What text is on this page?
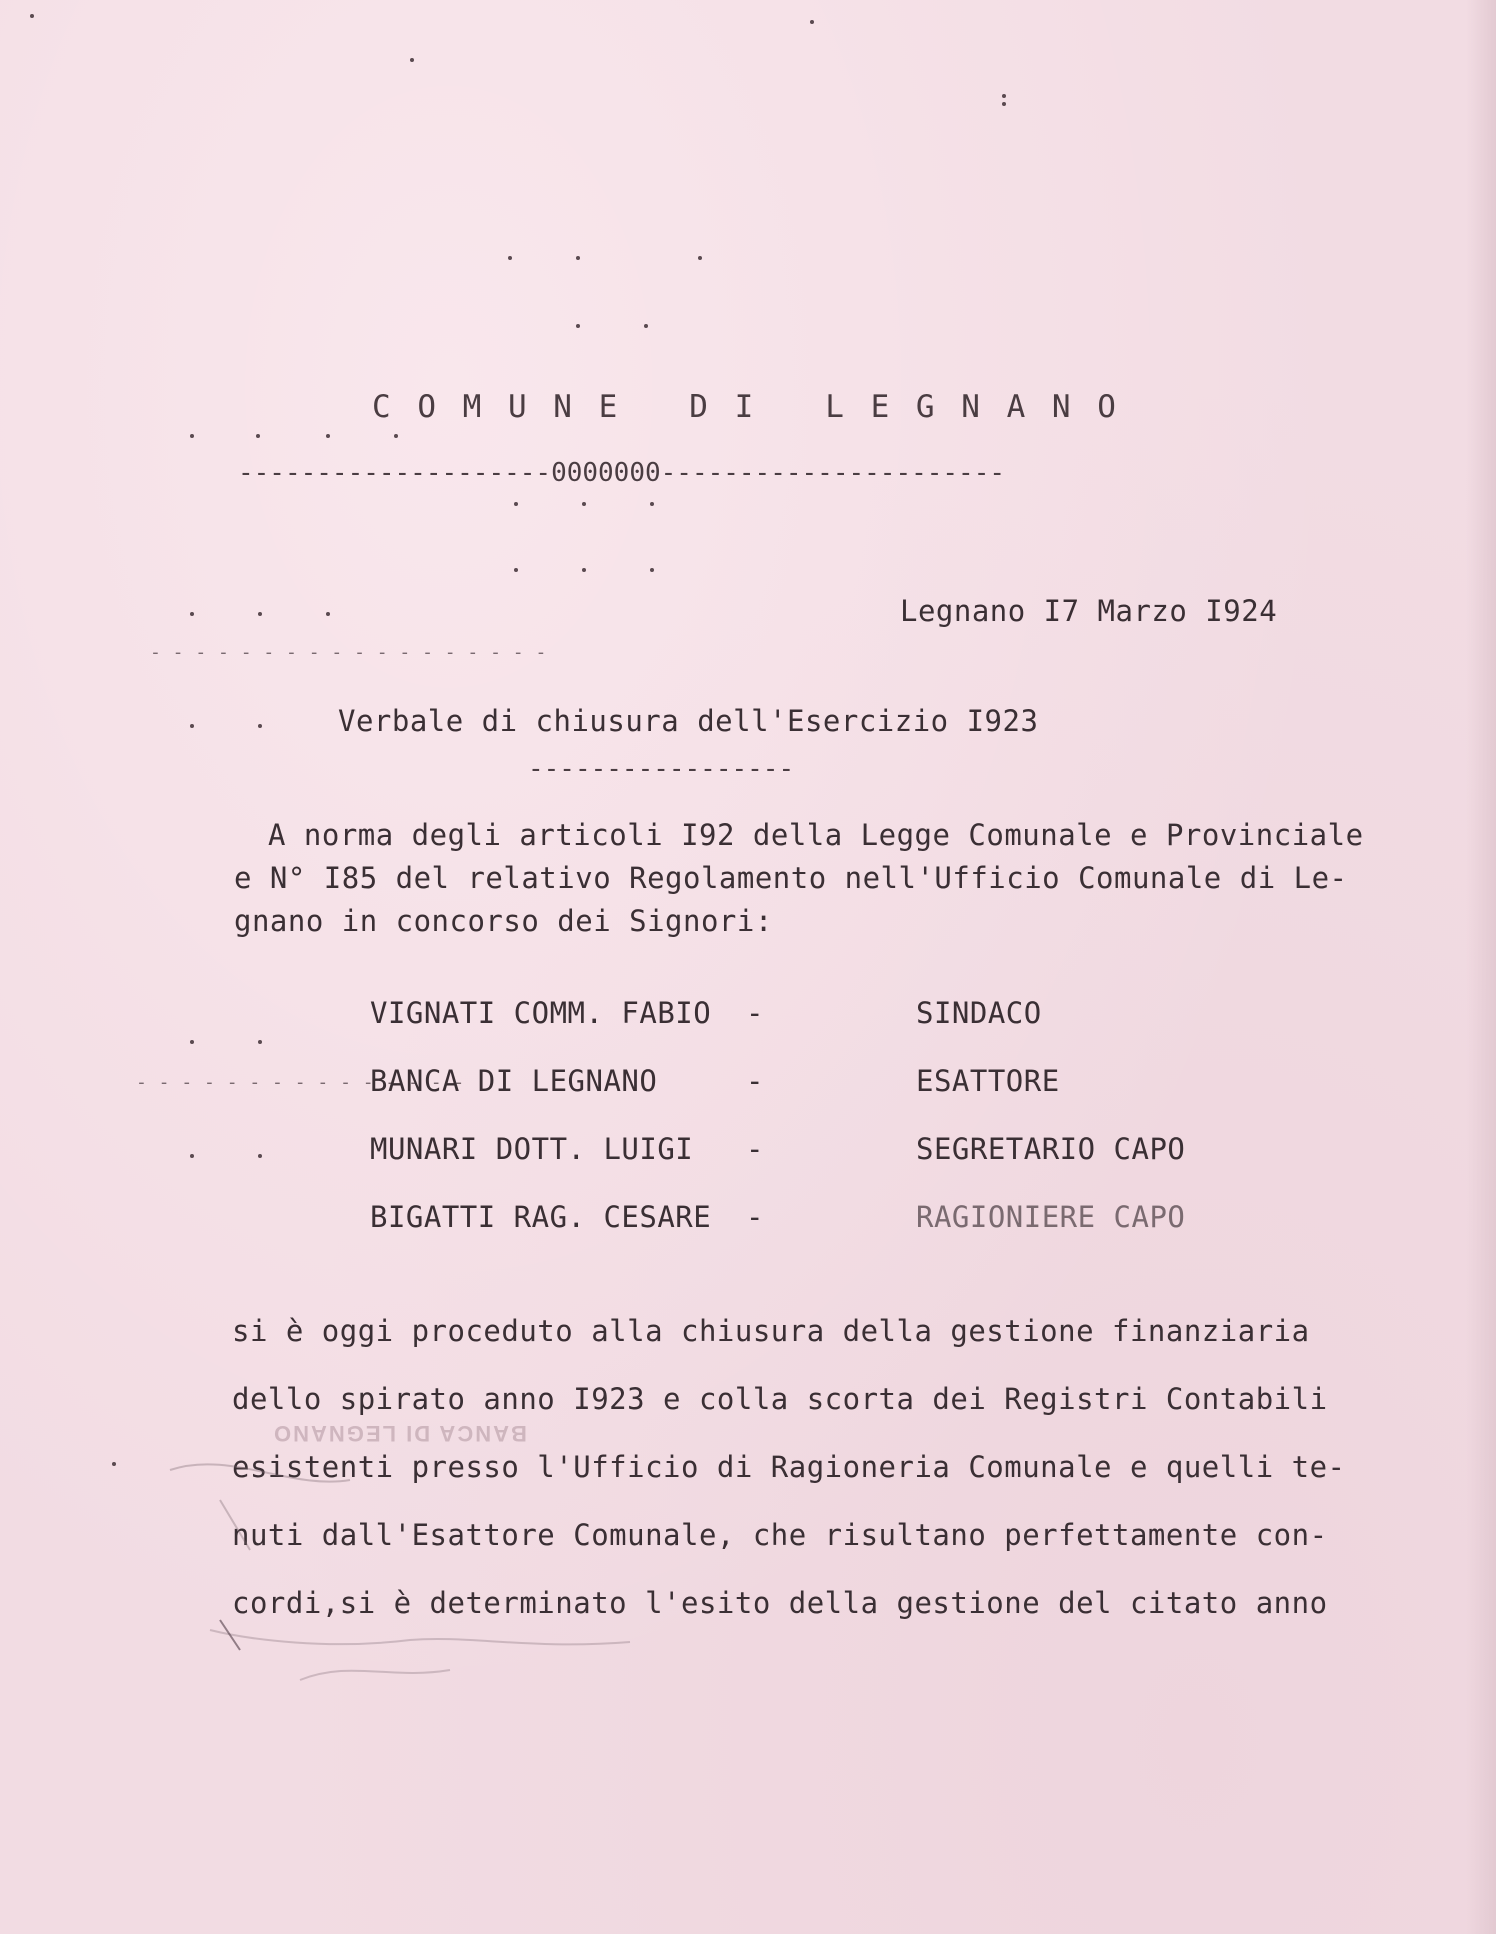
- - - - - - - - - - - - - - - - - -
- - - - - - - - - - - - - - -
C O M U N E   D I   L E G N A N O
--------------------0000000----------------------
Legnano I7 Marzo I924
Verbale di chiusura dell'Esercizio I923
-----------------
A norma degli articoli I92 della Legge Comunale e Provinciale
e N° I85 del relativo Regolamento nell'Ufficio Comunale di Le-
gnano in concorso dei Signori:
VIGNATI COMM. FABIO -	SINDACO
BANCA DI LEGNANO	-	ESATTORE
MUNARI DOTT. LUIGI -	SEGRETARIO CAPO
BIGATTI RAG. CESARE -	RAGIONIERE CAPO
si è oggi proceduto alla chiusura della gestione finanziaria
dello spirato anno I923 e colla scorta dei Registri Contabili
esistenti presso l'Ufficio di Ragioneria Comunale e quelli te-
nuti dall'Esattore Comunale, che risultano perfettamente con-
cordi,si è determinato l'esito della gestione del citato anno
BANCA DI LEGNANO
